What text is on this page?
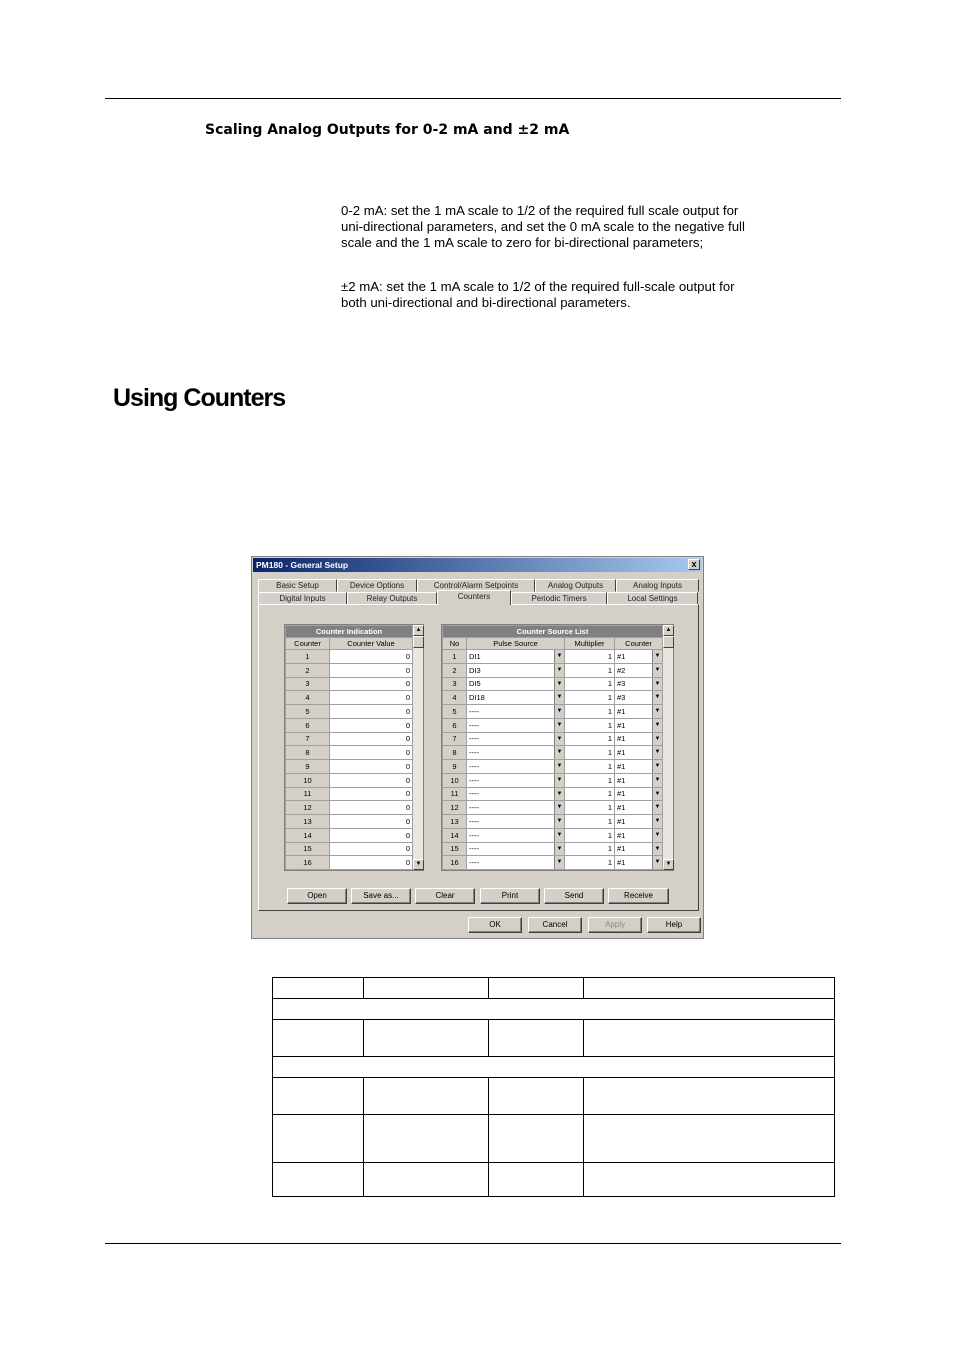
Scaling Analog Outputs for 0-2 mA and ±2 mA
0-2 mA: set the 1 mA scale to 1/2 of the required full scale output for uni-directional parameters, and set the 0 mA scale to the negative full scale and the 1 mA scale to zero for bi-directional parameters;
±2 mA: set the 1 mA scale to 1/2 of the required full-scale output for both uni-directional and bi-directional parameters.
Using Counters
PM180 - General Setup	x
Basic Setup	Device Options	Control/Alarm Setpoints	Analog Outputs	Analog Inputs
Digital Inputs	Relay Outputs	Counters	Periodic Timers	Local Settings
Counter Indication	
Counter	Counter Value
1	0
2	0
3	0
4	0
5	0
6	0
7	0
8	0
9	0
10	0
11	0
12	0
13	0
14	0
15	0
16	0
▲
▼
Counter Source List			
No	Pulse Source	Multiplier	Counter
1	DI1 ▼	1	#1 ▼

2	DI3 ▼	1	#2 ▼

3	DI5 ▼	1	#3 ▼

4	DI18 ▼	1	#3 ▼

5	---- ▼	1	#1 ▼

6	---- ▼	1	#1 ▼

7	---- ▼	1	#1 ▼

8	---- ▼	1	#1 ▼

9	---- ▼	1	#1 ▼

10	---- ▼	1	#1 ▼

11	---- ▼	1	#1 ▼

12	---- ▼	1	#1 ▼

13	---- ▼	1	#1 ▼

14	---- ▼	1	#1 ▼

15	---- ▼	1	#1 ▼

16	---- ▼	1	#1 ▼
▲
▼
Open	Save as...	Clear	Print	Send	Receive
OK	Cancel	Apply	Help
